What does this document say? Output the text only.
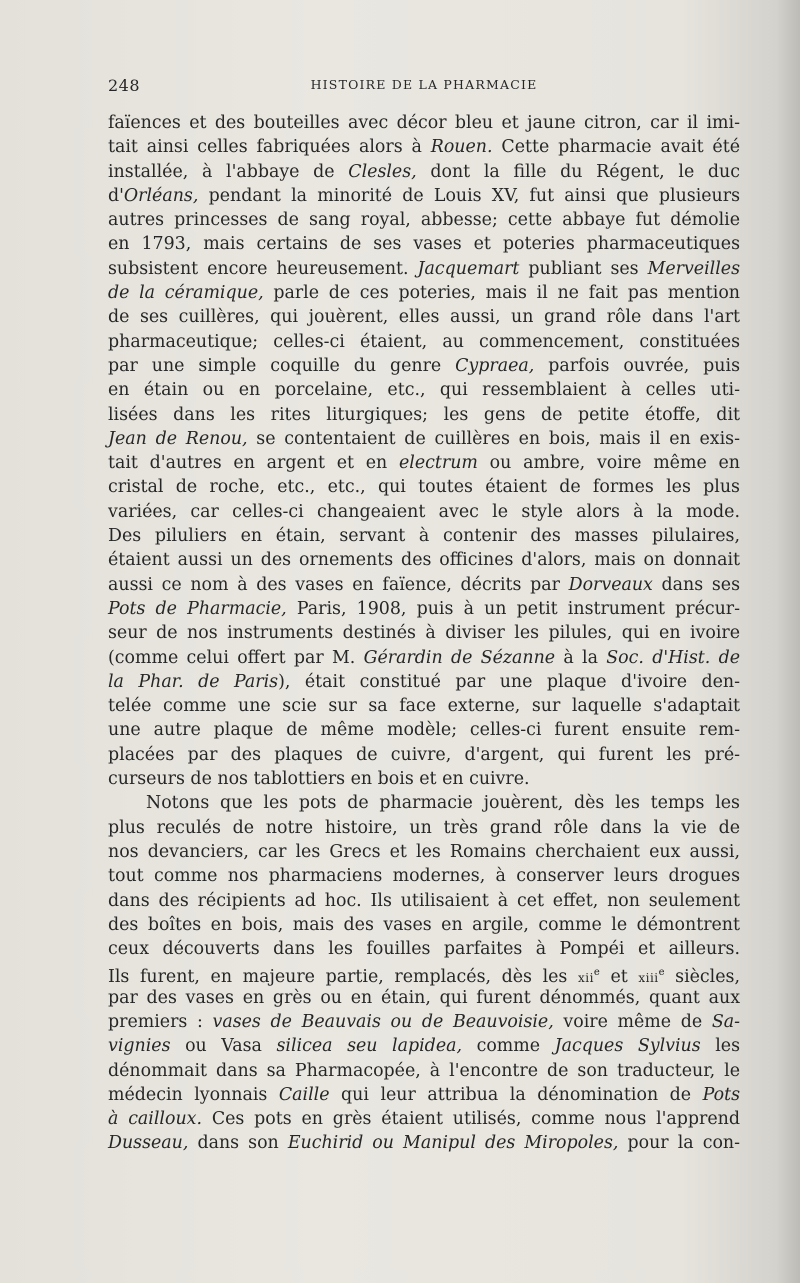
248	HISTOIRE DE LA PHARMACIE
faïences et des bouteilles avec décor bleu et jaune citron, car il imi-
tait ainsi celles fabriquées alors à Rouen. Cette pharmacie avait été
installée, à l'abbaye de Clesles, dont la fille du Régent, le duc
d'Orléans, pendant la minorité de Louis XV, fut ainsi que plusieurs
autres princesses de sang royal, abbesse; cette abbaye fut démolie
en 1793, mais certains de ses vases et poteries pharmaceutiques
subsistent encore heureusement. Jacquemart publiant ses Merveilles
de la céramique, parle de ces poteries, mais il ne fait pas mention
de ses cuillères, qui jouèrent, elles aussi, un grand rôle dans l'art
pharmaceutique; celles-ci étaient, au commencement, constituées
par une simple coquille du genre Cypraea, parfois ouvrée, puis
en étain ou en porcelaine, etc., qui ressemblaient à celles uti-
lisées dans les rites liturgiques; les gens de petite étoffe, dit
Jean de Renou, se contentaient de cuillères en bois, mais il en exis-
tait d'autres en argent et en electrum ou ambre, voire même en
cristal de roche, etc., etc., qui toutes étaient de formes les plus
variées, car celles-ci changeaient avec le style alors à la mode.
Des piluliers en étain, servant à contenir des masses pilulaires,
étaient aussi un des ornements des officines d'alors, mais on donnait
aussi ce nom à des vases en faïence, décrits par Dorveaux dans ses
Pots de Pharmacie, Paris, 1908, puis à un petit instrument précur-
seur de nos instruments destinés à diviser les pilules, qui en ivoire
(comme celui offert par M. Gérardin de Sézanne à la Soc. d'Hist. de
la Phar. de Paris), était constitué par une plaque d'ivoire den-
telée comme une scie sur sa face externe, sur laquelle s'adaptait
une autre plaque de même modèle; celles-ci furent ensuite rem-
placées par des plaques de cuivre, d'argent, qui furent les pré-
curseurs de nos tablottiers en bois et en cuivre.
Notons que les pots de pharmacie jouèrent, dès les temps les
plus reculés de notre histoire, un très grand rôle dans la vie de
nos devanciers, car les Grecs et les Romains cherchaient eux aussi,
tout comme nos pharmaciens modernes, à conserver leurs drogues
dans des récipients ad hoc. Ils utilisaient à cet effet, non seulement
des boîtes en bois, mais des vases en argile, comme le démontrent
ceux découverts dans les fouilles parfaites à Pompéi et ailleurs.
Ils furent, en majeure partie, remplacés, dès les xii$^e$ et xiii$^e$ siècles,
par des vases en grès ou en étain, qui furent dénommés, quant aux
premiers : vases de Beauvais ou de Beauvoisie, voire même de Sa-
vignies ou Vasa silicea seu lapidea, comme Jacques Sylvius les
dénommait dans sa Pharmacopée, à l'encontre de son traducteur, le
médecin lyonnais Caille qui leur attribua la dénomination de Pots
à cailloux. Ces pots en grès étaient utilisés, comme nous l'apprend
Dusseau, dans son Euchirid ou Manipul des Miropoles, pour la con-
